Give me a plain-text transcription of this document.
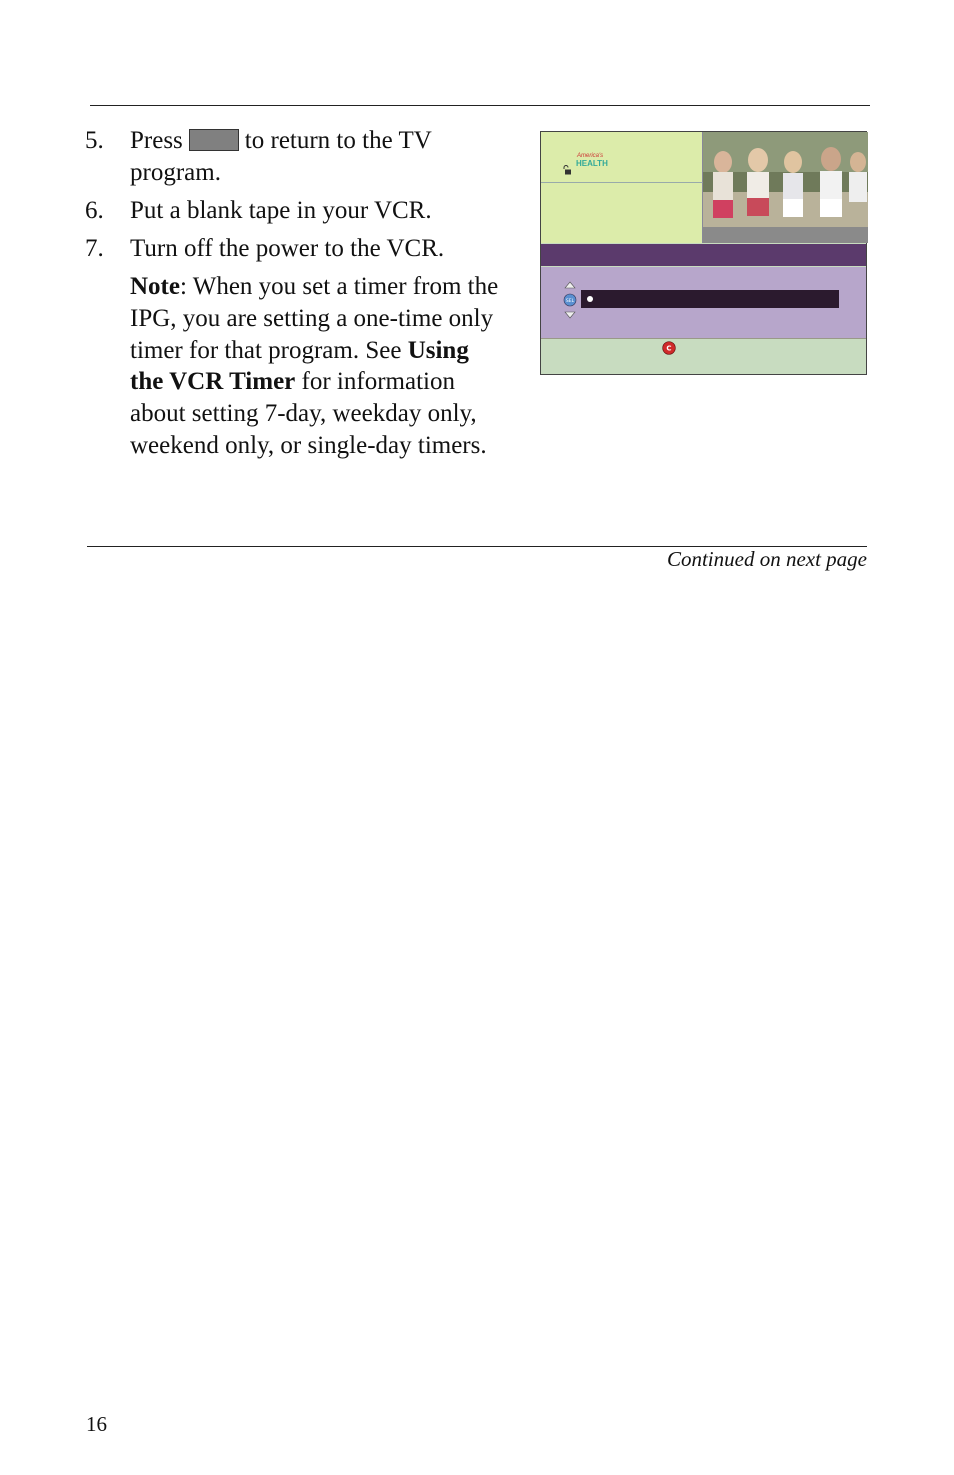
5. Press to return to the TV program.
6. Put a blank tape in your VCR.
7. Turn off the power to the VCR.
Note: When you set a timer from the IPG, you are setting a one-time only timer for that program. See Using the VCR Timer for information about setting 7-day, weekday only, weekend only, or single-day timers.
America's
HEALTH
SEL
C
Continued on next page
16
